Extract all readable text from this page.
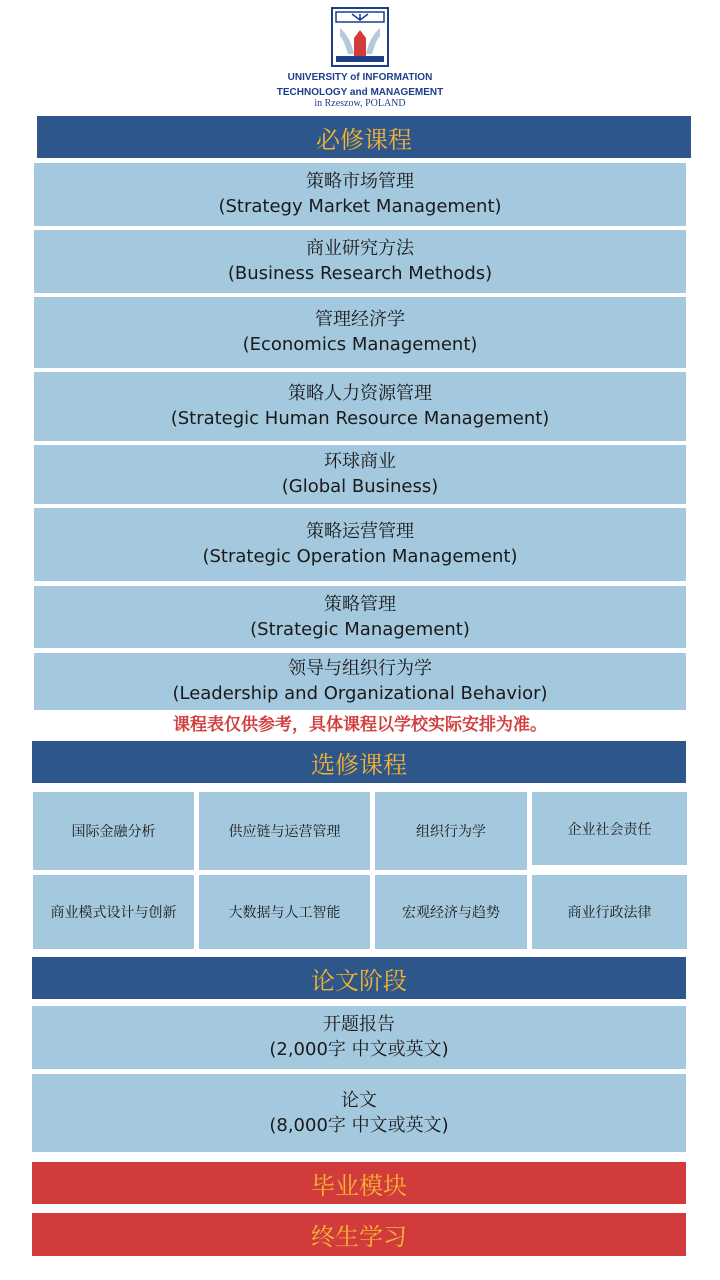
UNIVERSITY of INFORMATION
TECHNOLOGY and MANAGEMENT
in Rzeszow, POLAND
必修课程
策略市场管理
(Strategy Market Management)
商业研究方法
(Business Research Methods)
管理经济学
(Economics Management)
策略人力资源管理
(Strategic Human Resource Management)
环球商业
(Global Business)
策略运营管理
(Strategic Operation Management)
策略管理
(Strategic Management)
领导与组织行为学
(Leadership and Organizational Behavior)
课程表仅供参考，具体课程以学校实际安排为准。
选修课程
国际金融分析	供应链与运营管理	组织行为学	企业社会责任
商业模式设计与创新	大数据与人工智能	宏观经济与趋势	商业行政法律
论文阶段
开题报告
(2,000字 中文或英文)
论文
(8,000字 中文或英文)
毕业模块
终生学习
